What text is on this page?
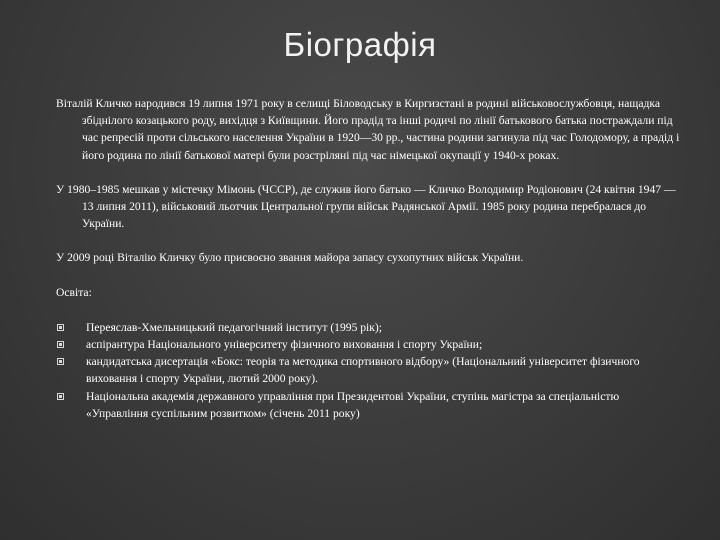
Біографія

Віталій Кличко народився 19 липня 1971 року в селищі Біловодську в Киргизстані в родині військовослужбовця, нащадка збіднілого козацького роду, вихідця з Київщини. Його прадід та інші родичі по лінії батькового батька постраждали під час репресій проти сільського населення України в 1920—30 рр., частина родини загинула під час Голодомору, а прадід і його родина по лінії батькової матері були розстріляні під час німецької окупації у 1940-х роках.

У 1980–1985 мешкав у містечку Мімонь (ЧССР), де служив його батько — Кличко Володимир Родіонович (24 квітня 1947 — 13 липня 2011), військовий льотчик Центральної групи військ Радянської Армії. 1985 року родина перебралася до України.

У 2009 році Віталію Кличку було присвоєно звання майора запасу сухопутних військ України.

Освіта:

Переяслав-Хмельницький педагогічний інститут (1995 рік);
аспірантура Національного університету фізичного виховання і спорту України;
кандидатська дисертація «Бокс: теорія та методика спортивного відбору» (Національний університет фізичного виховання і спорту України, лютий 2000 року).
Національна академія державного управління при Президентові України, ступінь магістра за спеціальністю «Управління суспільним розвитком» (січень 2011 року)
